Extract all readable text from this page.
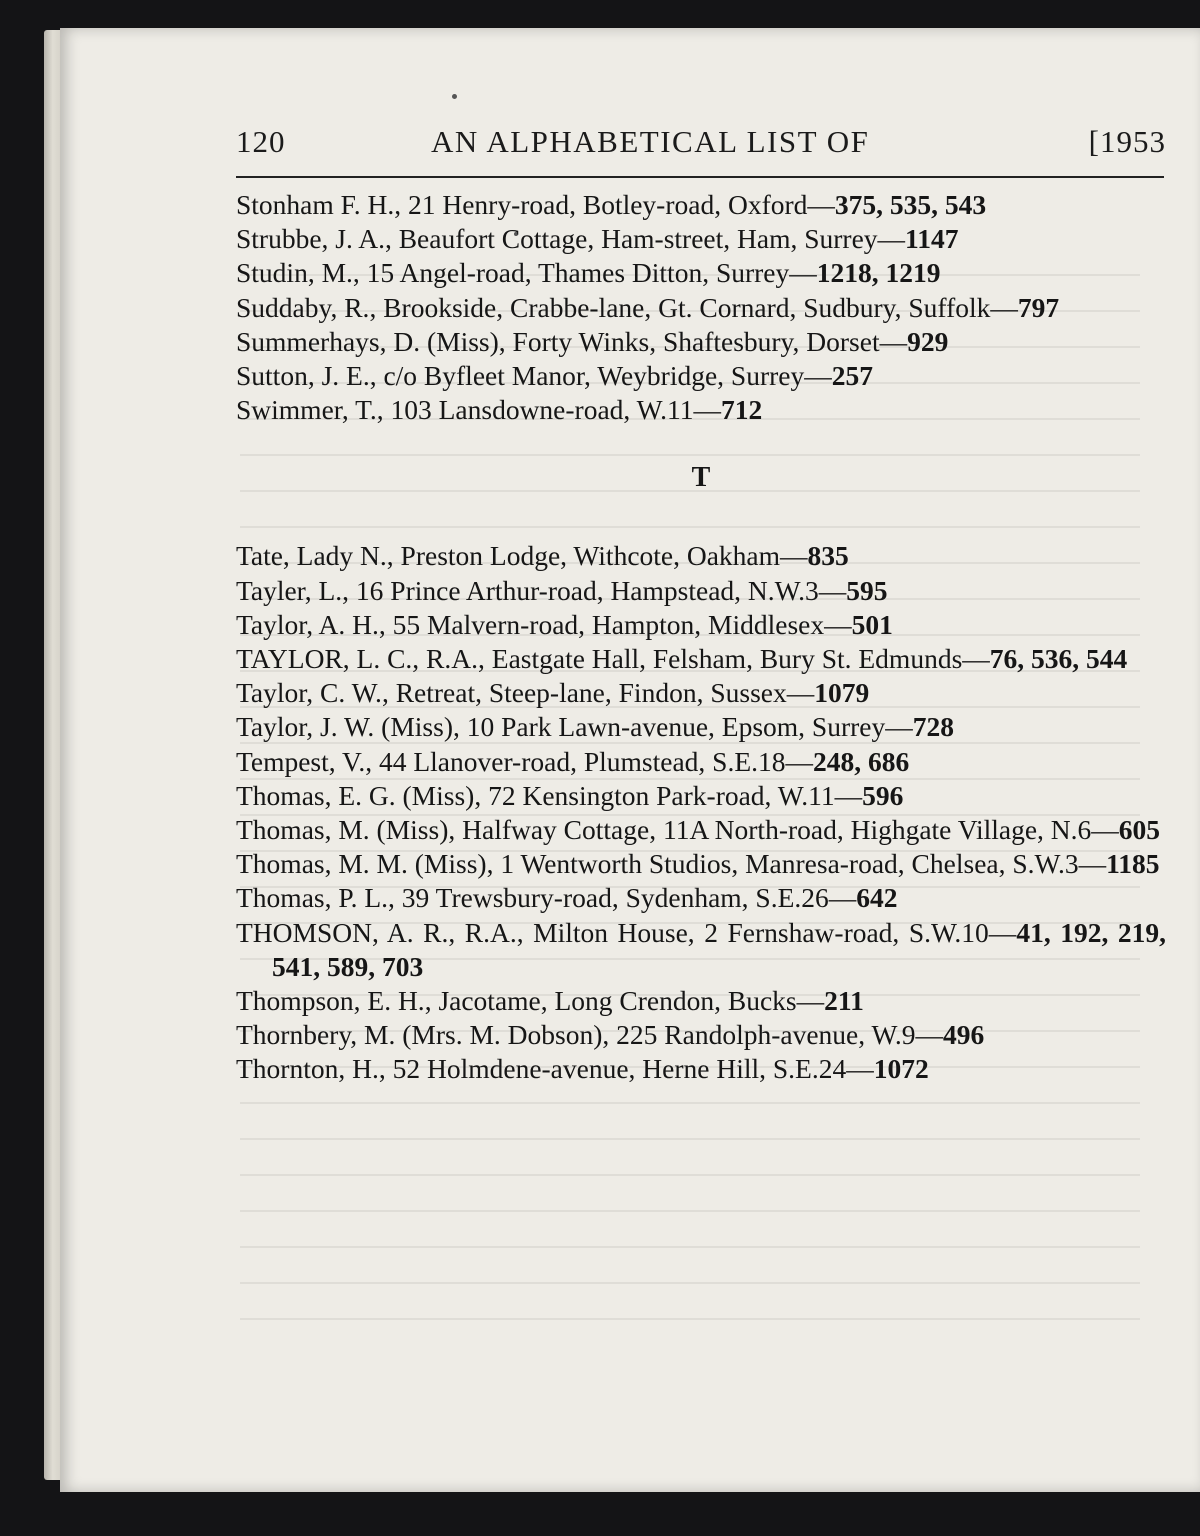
120	AN ALPHABETICAL LIST OF	[1953
Stonham F. H., 21 Henry-road, Botley-road, Oxford—375, 535, 543
Strubbe, J. A., Beaufort Cottage, Ham-street, Ham, Surrey—1147
Studin, M., 15 Angel-road, Thames Ditton, Surrey—1218, 1219
Suddaby, R., Brookside, Crabbe-lane, Gt. Cornard, Sudbury, Suffolk—797
Summerhays, D. (Miss), Forty Winks, Shaftesbury, Dorset—929
Sutton, J. E., c/o Byfleet Manor, Weybridge, Surrey—257
Swimmer, T., 103 Lansdowne-road, W.11—712
T
Tate, Lady N., Preston Lodge, Withcote, Oakham—835
Tayler, L., 16 Prince Arthur-road, Hampstead, N.W.3—595
Taylor, A. H., 55 Malvern-road, Hampton, Middlesex—501
TAYLOR, L. C., R.A., Eastgate Hall, Felsham, Bury St. Edmunds—76, 536, 544
Taylor, C. W., Retreat, Steep-lane, Findon, Sussex—1079
Taylor, J. W. (Miss), 10 Park Lawn-avenue, Epsom, Surrey—728
Tempest, V., 44 Llanover-road, Plumstead, S.E.18—248, 686
Thomas, E. G. (Miss), 72 Kensington Park-road, W.11—596
Thomas, M. (Miss), Halfway Cottage, 11A North-road, Highgate Village, N.6—605
Thomas, M. M. (Miss), 1 Wentworth Studios, Manresa-road, Chelsea, S.W.3—1185
Thomas, P. L., 39 Trewsbury-road, Sydenham, S.E.26—642
THOMSON, A. R., R.A., Milton House, 2 Fernshaw-road, S.W.10—41, 192, 219, 541, 589, 703
Thompson, E. H., Jacotame, Long Crendon, Bucks—211
Thornbery, M. (Mrs. M. Dobson), 225 Randolph-avenue, W.9—496
Thornton, H., 52 Holmdene-avenue, Herne Hill, S.E.24—1072
